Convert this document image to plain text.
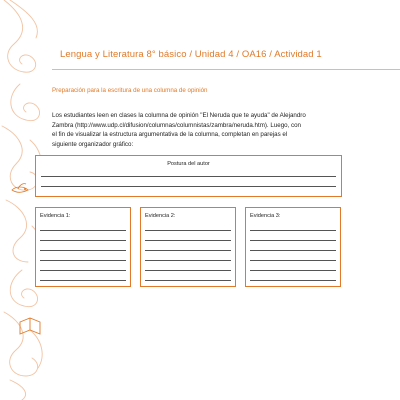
Lengua y Literatura 8° básico / Unidad 4 / OA16 / Actividad 1
Preparación para la escritura de una columna de opinión
Los estudiantes leen en clases la columna de opinión "El Neruda que te ayuda" de Alejandro
Zambra (http://www.udp.cl/difusion/columnas/columnistas/zambra/neruda.htm). Luego, con
el fin de visualizar la estructura argumentativa de la columna, completan en parejas el
siguiente organizador gráfico:
Postura del autor
Evidencia 1:	Evidencia 2:	Evidencia 3:
